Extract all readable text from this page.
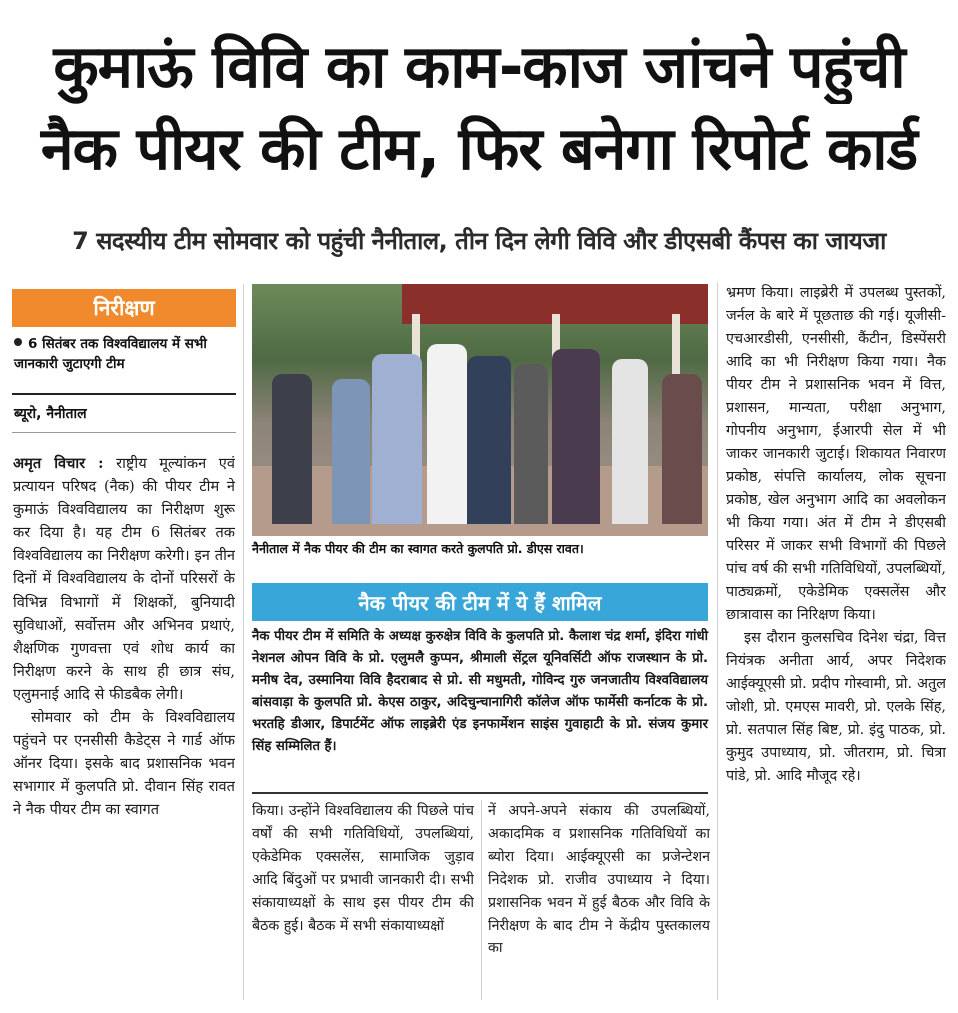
कुमाऊं विवि का काम-काज जांचने पहुंची
नैक पीयर की टीम, फिर बनेगा रिपोर्ट कार्ड
7 सदस्यीय टीम सोमवार को पहुंची नैनीताल, तीन दिन लेगी विवि और डीएसबी कैंपस का जायजा
निरीक्षण
6 सितंबर तक विश्वविद्यालय में सभी जानकारी जुटाएगी टीम
ब्यूरो, नैनीताल

अमृत विचार : राष्ट्रीय मूल्यांकन एवं प्रत्यायन परिषद (नैक) की पीयर टीम ने कुमाऊं विश्वविद्यालय का निरीक्षण शुरू कर दिया है। यह टीम 6 सितंबर तक विश्वविद्यालय का निरीक्षण करेगी। इन तीन दिनों में विश्वविद्यालय के दोनों परिसरों के विभिन्न विभागों में शिक्षकों, बुनियादी सुविधाओं, सर्वोत्तम और अभिनव प्रथाएं, शैक्षणिक गुणवत्ता एवं शोध कार्य का निरीक्षण करने के साथ ही छात्र संघ, एलुमनाई आदि से फीडबैक लेगी।

सोमवार को टीम के विश्वविद्यालय पहुंचने पर एनसीसी कैडेट्स ने गार्ड ऑफ ऑनर दिया। इसके बाद प्रशासनिक भवन सभागार में कुलपति प्रो. दीवान सिंह रावत ने नैक पीयर टीम का स्वागत

नैनीताल में नैक पीयर की टीम का स्वागत करते कुलपति प्रो. डीएस रावत।
नैक पीयर की टीम में ये हैं शामिल
नैक पीयर टीम में समिति के अध्यक्ष कुरुक्षेत्र विवि के कुलपति प्रो. कैलाश चंद्र शर्मा, इंदिरा गांधी नेशनल ओपन विवि के प्रो. एलुमलै कुप्पन, श्रीमाली सेंट्रल यूनिवर्सिटी ऑफ राजस्थान के प्रो. मनीष देव, उस्मानिया विवि हैदराबाद से प्रो. सी मधुमती, गोविन्द गुरु जनजातीय विश्वविद्यालय बांसवाड़ा के कुलपति प्रो. केएस ठाकुर, अदिचुन्चानागिरी कॉलेज ऑफ फार्मेसी कर्नाटक के प्रो. भरतहि डीआर, डिपार्टमेंट ऑफ लाइब्रेरी एंड इनफार्मेशन साइंस गुवाहाटी के प्रो. संजय कुमार सिंह सम्मिलित हैं।

किया। उन्होंने विश्वविद्यालय की पिछले पांच वर्षों की सभी गतिविधियों, उपलब्धियां, एकेडेमिक एक्सलेंस, सामाजिक जुड़ाव आदि बिंदुओं पर प्रभावी जानकारी दी। सभी संकायाध्यक्षों के साथ इस पीयर टीम की बैठक हुई। बैठक में सभी संकायाध्यक्षों

नें अपने-अपने संकाय की उपलब्धियों, अकादमिक व प्रशासनिक गतिविधियों का ब्योरा दिया। आईक्यूएसी का प्रजेन्टेशन निदेशक प्रो. राजीव उपाध्याय ने दिया। प्रशासनिक भवन में हुई बैठक और विवि के निरीक्षण के बाद टीम ने केंद्रीय पुस्तकालय का

भ्रमण किया। लाइब्रेरी में उपलब्ध पुस्तकों, जर्नल के बारे में पूछताछ की गई। यूजीसी-एचआरडीसी, एनसीसी, कैंटीन, डिस्पेंसरी आदि का भी निरीक्षण किया गया। नैक पीयर टीम ने प्रशासनिक भवन में वित्त, प्रशासन, मान्यता, परीक्षा अनुभाग, गोपनीय अनुभाग, ईआरपी सेल में भी जाकर जानकारी जुटाई। शिकायत निवारण प्रकोष्ठ, संपत्ति कार्यालय, लोक सूचना प्रकोष्ठ, खेल अनुभाग आदि का अवलोकन भी किया गया। अंत में टीम ने डीएसबी परिसर में जाकर सभी विभागों की पिछले पांच वर्ष की सभी गतिविधियों, उपलब्धियों, पाठ्यक्रमों, एकेडेमिक एक्सलेंस और छात्रावास का निरिक्षण किया।

इस दौरान कुलसचिव दिनेश चंद्रा, वित्त नियंत्रक अनीता आर्य, अपर निदेशक आईक्यूएसी प्रो. प्रदीप गोस्वामी, प्रो. अतुल जोशी, प्रो. एमएस मावरी, प्रो. एलके सिंह, प्रो. सतपाल सिंह बिष्ट, प्रो. इंदु पाठक, प्रो. कुमुद उपाध्याय, प्रो. जीतराम, प्रो. चित्रा पांडे, प्रो. आदि मौजूद रहे।
